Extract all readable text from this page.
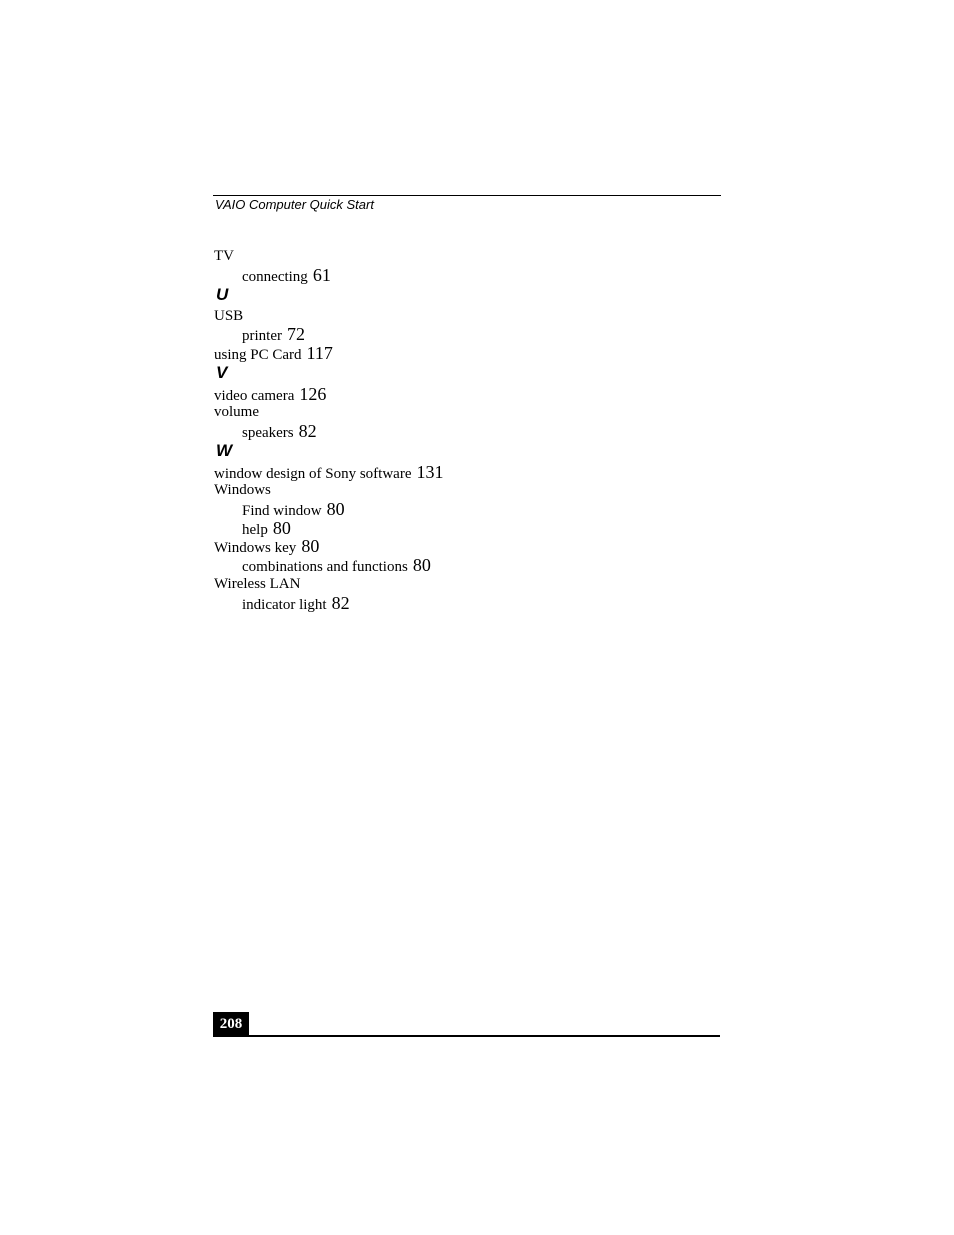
VAIO Computer Quick Start
TV
connecting 61
U
USB
printer 72
using PC Card 117
V
video camera 126
volume
speakers 82
W
window design of Sony software 131
Windows
Find window 80
help 80
Windows key 80
combinations and functions 80
Wireless LAN
indicator light 82
208
